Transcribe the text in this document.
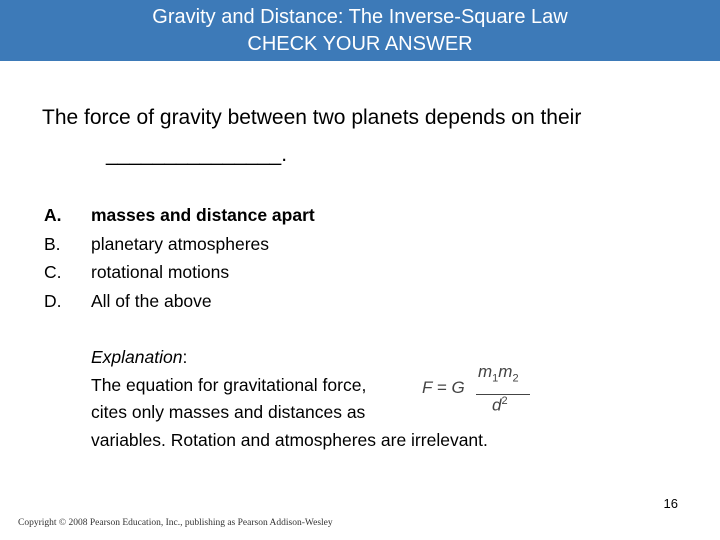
Gravity and Distance: The Inverse-Square Law
CHECK YOUR ANSWER
The force of gravity between two planets depends on their
_______________.
A.	masses and distance apart
B.	planetary atmospheres
C.	rotational motions
D.	All of the above
Explanation:
The equation for gravitational force,
cites only masses and distances as
variables. Rotation and atmospheres are irrelevant.
F = G
$m_1m_2$
$d^2$
16
Copyright © 2008 Pearson Education, Inc., publishing as Pearson Addison-Wesley
